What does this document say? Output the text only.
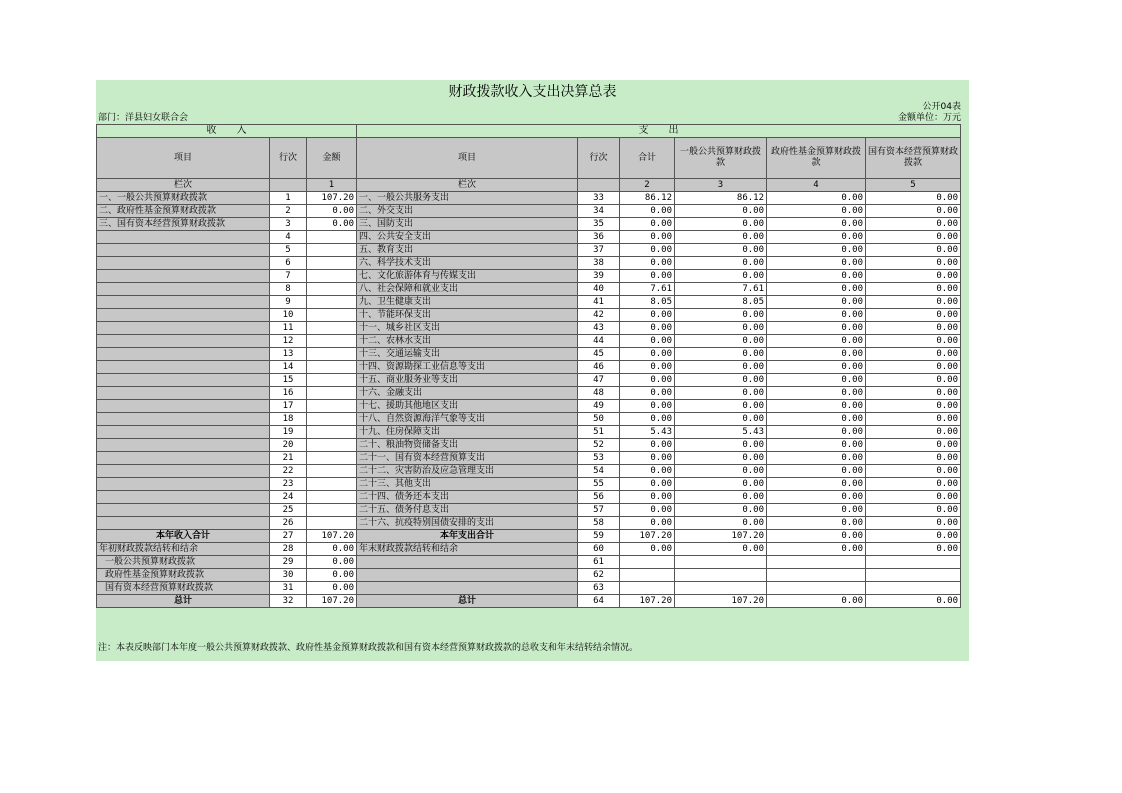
财政拨款收入支出决算总表
公开04表
部门：洋县妇女联合会	金额单位：万元
收　　入			支　　出					
项目	行次	金额	项目	行次	合计	一般公共预算财政拨款	政府性基金预算财政拨款	国有资本经营预算财政拨款
栏次		1	栏次		2	3	4	5
一、一般公共预算财政拨款	1	107.20	一、一般公共服务支出	33	86.12	86.12	0.00	0.00
二、政府性基金预算财政拨款	2	0.00	二、外交支出	34	0.00	0.00	0.00	0.00
三、国有资本经营预算财政拨款	3	0.00	三、国防支出	35	0.00	0.00	0.00	0.00
	4		四、公共安全支出	36	0.00	0.00	0.00	0.00
	5		五、教育支出	37	0.00	0.00	0.00	0.00
	6		六、科学技术支出	38	0.00	0.00	0.00	0.00
	7		七、文化旅游体育与传媒支出	39	0.00	0.00	0.00	0.00
	8		八、社会保障和就业支出	40	7.61	7.61	0.00	0.00
	9		九、卫生健康支出	41	8.05	8.05	0.00	0.00
	10		十、节能环保支出	42	0.00	0.00	0.00	0.00
	11		十一、城乡社区支出	43	0.00	0.00	0.00	0.00
	12		十二、农林水支出	44	0.00	0.00	0.00	0.00
	13		十三、交通运输支出	45	0.00	0.00	0.00	0.00
	14		十四、资源勘探工业信息等支出	46	0.00	0.00	0.00	0.00
	15		十五、商业服务业等支出	47	0.00	0.00	0.00	0.00
	16		十六、金融支出	48	0.00	0.00	0.00	0.00
	17		十七、援助其他地区支出	49	0.00	0.00	0.00	0.00
	18		十八、自然资源海洋气象等支出	50	0.00	0.00	0.00	0.00
	19		十九、住房保障支出	51	5.43	5.43	0.00	0.00
	20		二十、粮油物资储备支出	52	0.00	0.00	0.00	0.00
	21		二十一、国有资本经营预算支出	53	0.00	0.00	0.00	0.00
	22		二十二、灾害防治及应急管理支出	54	0.00	0.00	0.00	0.00
	23		二十三、其他支出	55	0.00	0.00	0.00	0.00
	24		二十四、债务还本支出	56	0.00	0.00	0.00	0.00
	25		二十五、债务付息支出	57	0.00	0.00	0.00	0.00
	26		二十六、抗疫特别国债安排的支出	58	0.00	0.00	0.00	0.00
本年收入合计	27	107.20	本年支出合计	59	107.20	107.20	0.00	0.00
年初财政拨款结转和结余	28	0.00	年末财政拨款结转和结余	60	0.00	0.00	0.00	0.00
一般公共预算财政拨款	29	0.00		61				
政府性基金预算财政拨款	30	0.00		62				
国有资本经营预算财政拨款	31	0.00		63				
总计	32	107.20	总计	64	107.20	107.20	0.00	0.00
注：本表反映部门本年度一般公共预算财政拨款、政府性基金预算财政拨款和国有资本经营预算财政拨款的总收支和年末结转结余情况。
